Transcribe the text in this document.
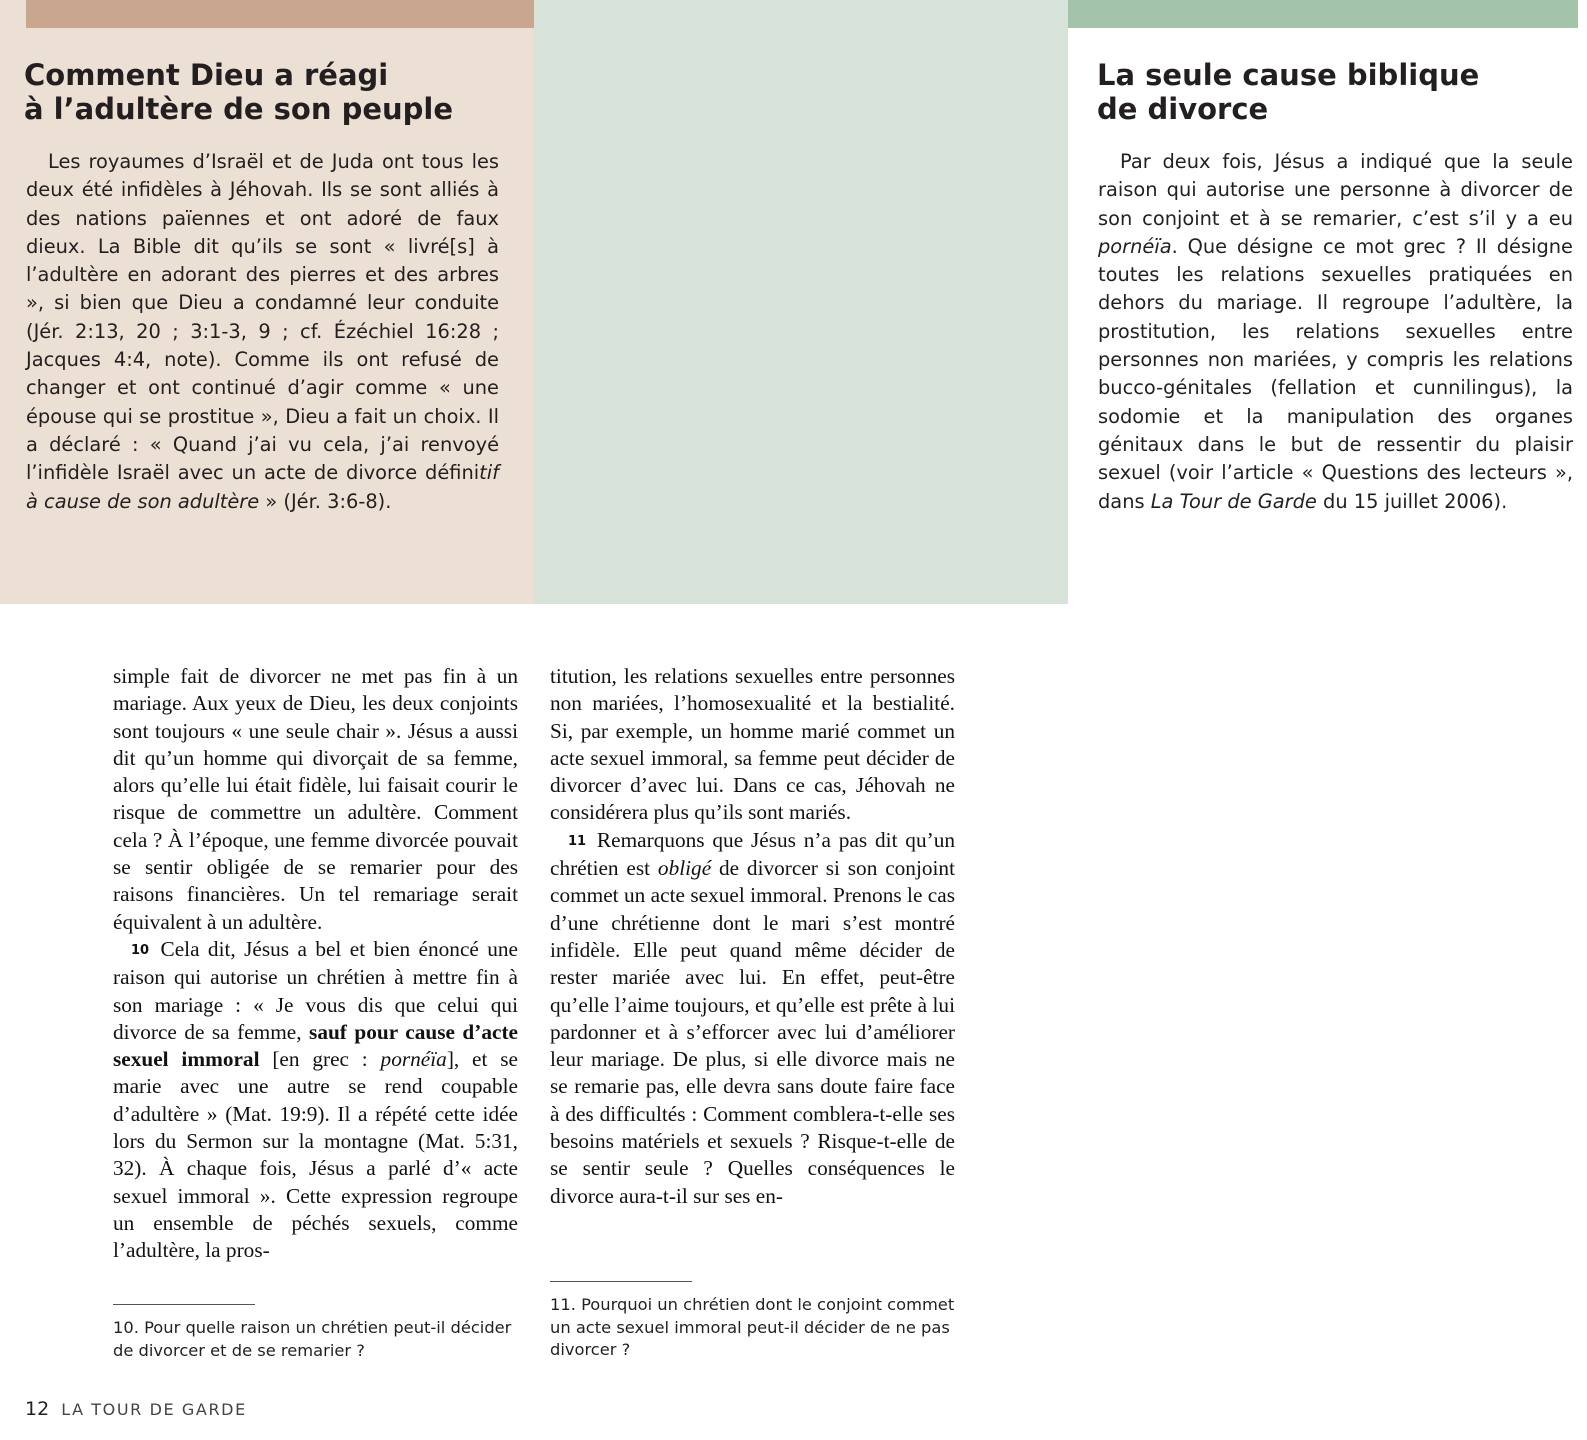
Comment Dieu a réagi
à l’adultère de son peuple

Les royaumes d’Israël et de Juda ont tous les deux été infidèles à Jéhovah. Ils se sont alliés à des nations païennes et ont adoré de faux dieux. La Bible dit qu’ils se sont « livré[s] à l’adultère en adorant des pierres et des arbres », si bien que Dieu a condamné leur conduite (Jér. 2:13, 20 ; 3:1-3, 9 ; cf. Ézéchiel 16:28 ; Jacques 4:4, note). Comme ils ont refusé de changer et ont continué d’agir comme « une épouse qui se prostitue », Dieu a fait un choix. Il a déclaré : « Quand j’ai vu cela, j’ai renvoyé l’infidèle Israël avec un acte de divorce définitif à cause de son adultère » (Jér. 3:6-8).

La seule cause biblique
de divorce

Par deux fois, Jésus a indiqué que la seule raison qui autorise une personne à divorcer de son conjoint et à se remarier, c’est s’il y a eu pornéïa. Que désigne ce mot grec ? Il désigne toutes les relations sexuelles pratiquées en dehors du mariage. Il regroupe l’adultère, la prostitution, les relations sexuelles entre personnes non mariées, y compris les relations bucco-génitales (fellation et cunnilingus), la sodomie et la manipulation des organes génitaux dans le but de ressentir du plaisir sexuel (voir l’article « Questions des lecteurs », dans La Tour de Garde du 15 juillet 2006).

simple fait de divorcer ne met pas fin à un mariage. Aux yeux de Dieu, les deux conjoints sont toujours « une seule chair ». Jésus a aussi dit qu’un homme qui divorçait de sa femme, alors qu’elle lui était fidèle, lui faisait courir le risque de commettre un adultère. Comment cela ? À l’époque, une femme divorcée pouvait se sentir obligée de se remarier pour des raisons financières. Un tel remariage serait équivalent à un adultère.

10 Cela dit, Jésus a bel et bien énoncé une raison qui autorise un chrétien à mettre fin à son mariage : « Je vous dis que celui qui divorce de sa femme, sauf pour cause d’acte sexuel immoral [en grec : pornéïa], et se marie avec une autre se rend coupable d’adultère » (Mat. 19:9). Il a répété cette idée lors du Sermon sur la montagne (Mat. 5:31, 32). À chaque fois, Jésus a parlé d’« acte sexuel immoral ». Cette expression regroupe un ensemble de péchés sexuels, comme l’adultère, la pros-

titution, les relations sexuelles entre personnes non mariées, l’homosexualité et la bestialité. Si, par exemple, un homme marié commet un acte sexuel immoral, sa femme peut décider de divorcer d’avec lui. Dans ce cas, Jéhovah ne considérera plus qu’ils sont mariés.

11 Remarquons que Jésus n’a pas dit qu’un chrétien est obligé de divorcer si son conjoint commet un acte sexuel immoral. Prenons le cas d’une chrétienne dont le mari s’est montré infidèle. Elle peut quand même décider de rester mariée avec lui. En effet, peut-être qu’elle l’aime toujours, et qu’elle est prête à lui pardonner et à s’efforcer avec lui d’améliorer leur mariage. De plus, si elle divorce mais ne se remarie pas, elle devra sans doute faire face à des difficultés : Comment comblera-t-elle ses besoins matériels et sexuels ? Risque-t-elle de se sentir seule ? Quelles conséquences le divorce aura-t-il sur ses en-

10. Pour quelle raison un chrétien peut-il décider de divorcer et de se remarier ?

11. Pourquoi un chrétien dont le conjoint commet un acte sexuel immoral peut-il décider de ne pas divorcer ?

12 LA TOUR DE GARDE
